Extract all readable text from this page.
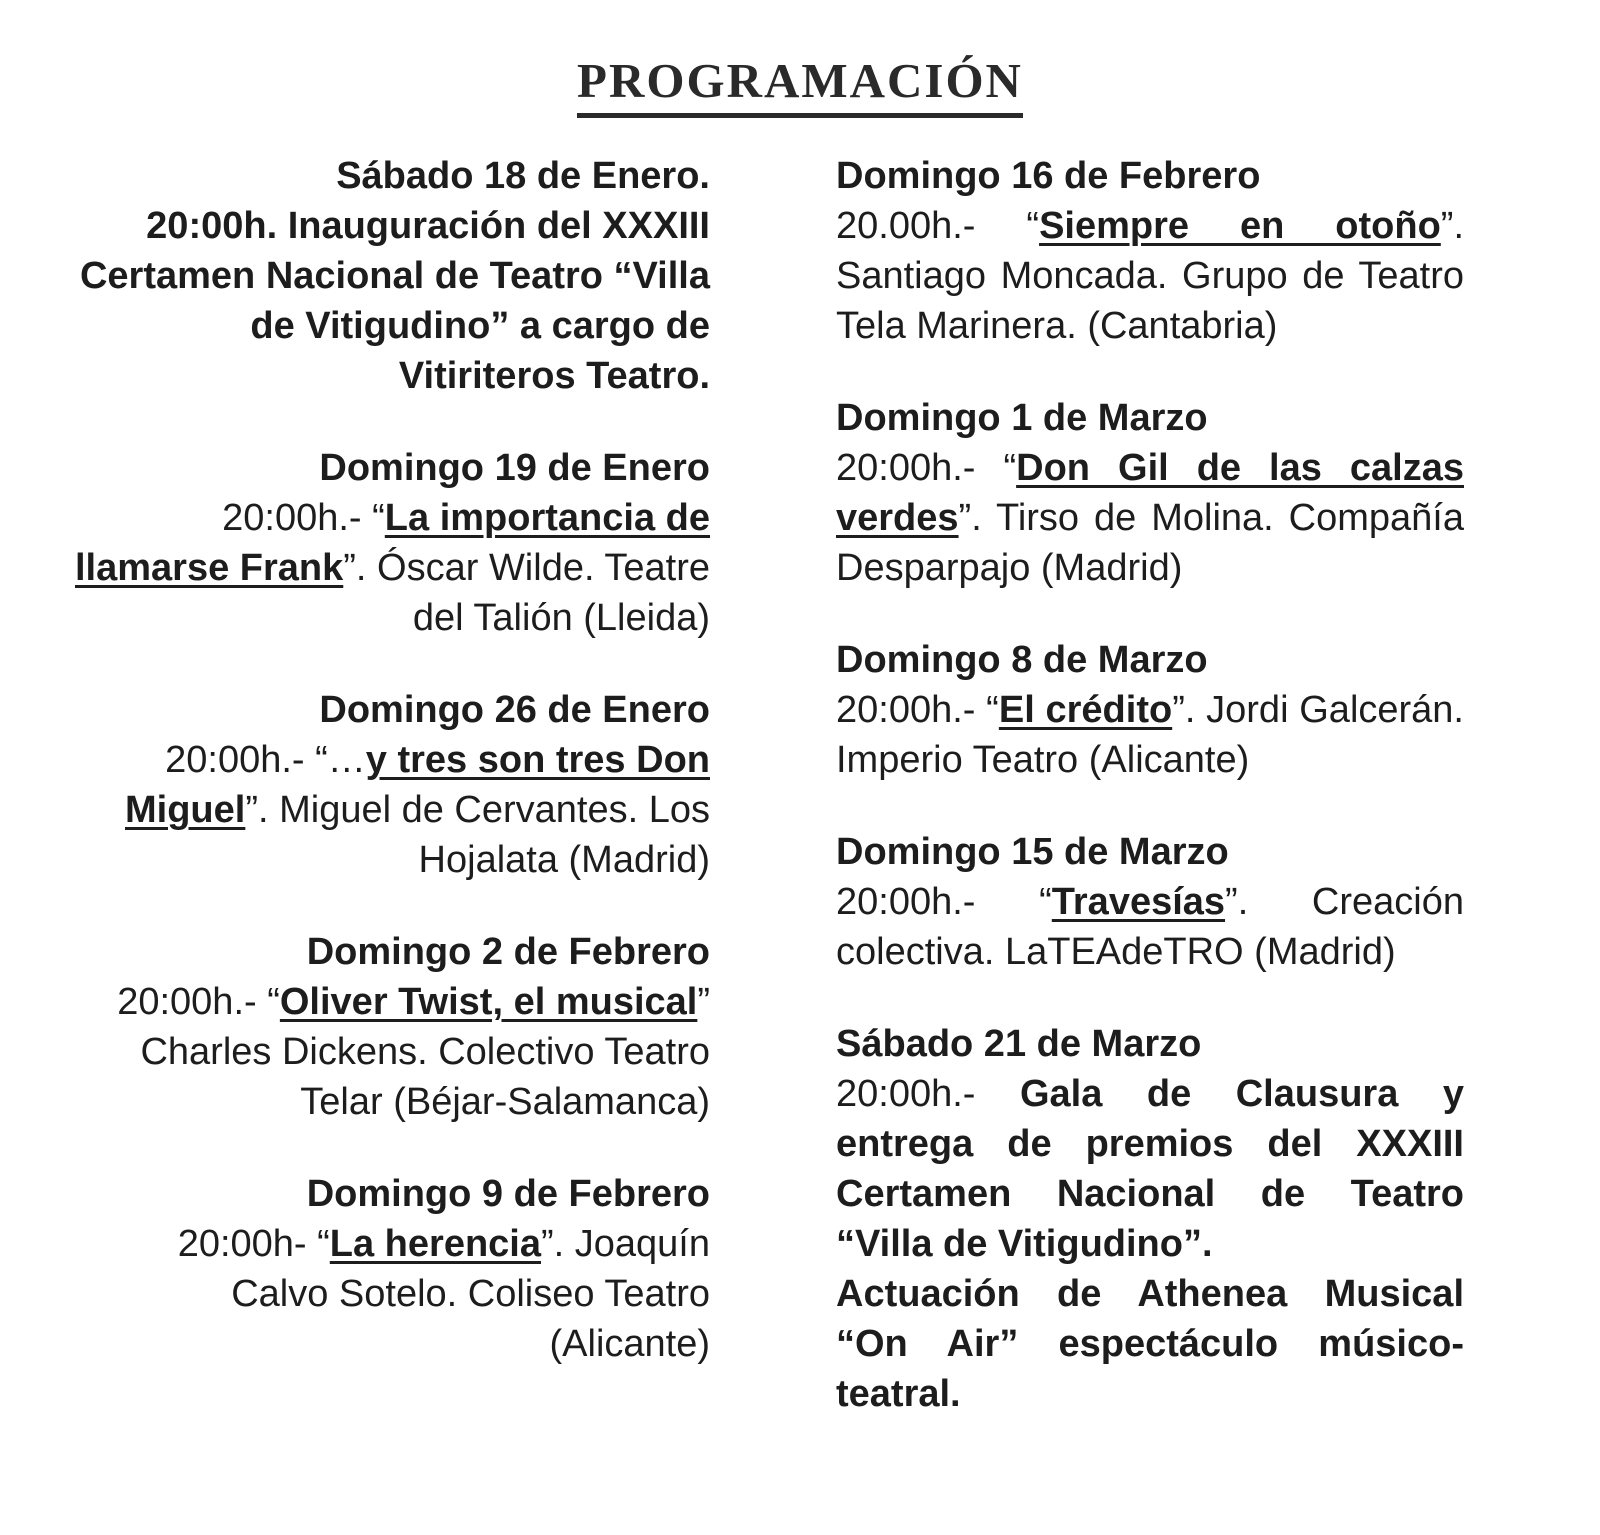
PROGRAMACIÓN

Sábado 18 de Enero.
20:00h. Inauguración del XXXIII Certamen Nacional de Teatro “Villa de Vitigudino” a cargo de Vitiriteros Teatro.

Domingo 19 de Enero
20:00h.- “La importancia de llamarse Frank”. Óscar Wilde. Teatre del Talión (Lleida)

Domingo 26 de Enero
20:00h.- “…y tres son tres Don Miguel”. Miguel de Cervantes. Los Hojalata (Madrid)

Domingo 2 de Febrero
20:00h.- “Oliver Twist, el musical” Charles Dickens. Colectivo Teatro Telar (Béjar-Salamanca)

Domingo 9 de Febrero
20:00h- “La herencia”. Joaquín Calvo Sotelo. Coliseo Teatro (Alicante)

Domingo 16 de Febrero
20.00h.- “Siempre en otoño”. Santiago Moncada. Grupo de Teatro Tela Marinera. (Cantabria)

Domingo 1 de Marzo
20:00h.- “Don Gil de las calzas verdes”. Tirso de Molina. Compañía Desparpajo (Madrid)

Domingo 8 de Marzo
20:00h.- “El crédito”. Jordi Galcerán. Imperio Teatro (Alicante)

Domingo 15 de Marzo
20:00h.- “Travesías”. Creación colectiva. LaTEAdeTRO (Madrid)

Sábado 21 de Marzo
20:00h.- Gala de Clausura y entrega de premios del XXXIII Certamen Nacional de Teatro “Villa de Vitigudino”.
Actuación de Athenea Musical “On Air” espectáculo músico-teatral.
